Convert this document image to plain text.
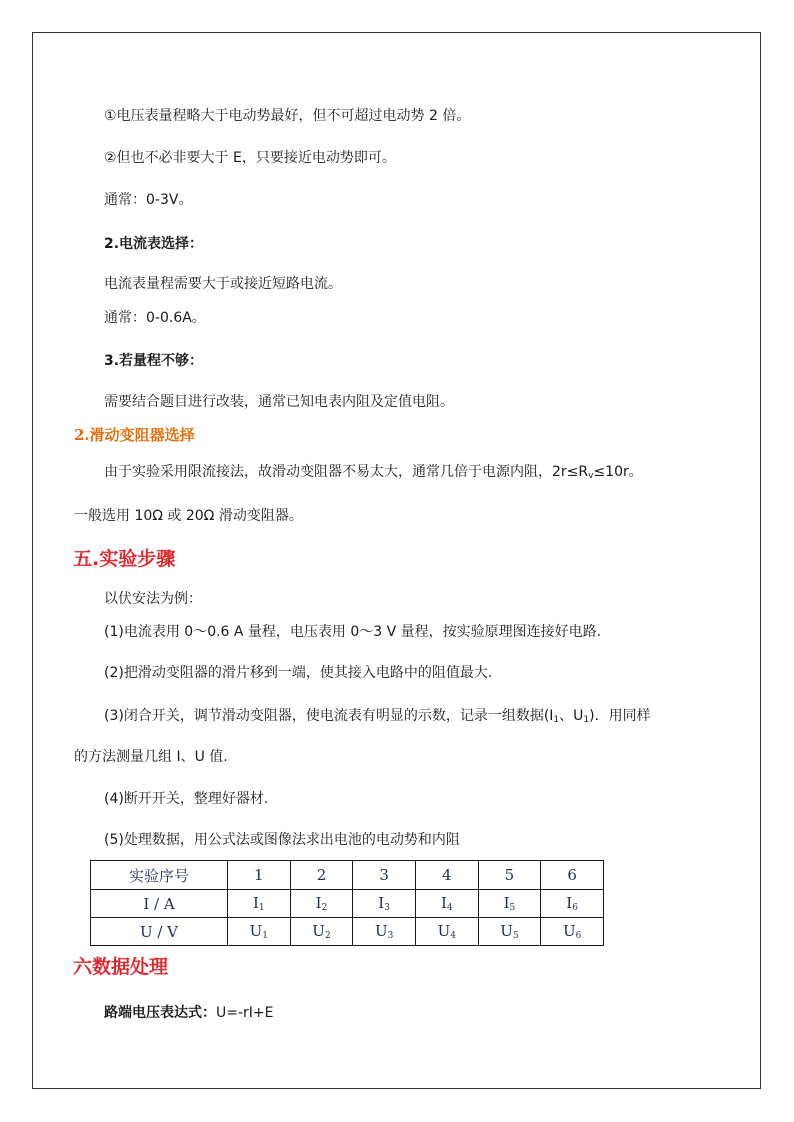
①电压表量程略大于电动势最好，但不可超过电动势 2 倍。
②但也不必非要大于 E，只要接近电动势即可。
通常：0-3V。
2.电流表选择：
电流表量程需要大于或接近短路电流。
通常：0-0.6A。
3.若量程不够：
需要结合题目进行改装，通常已知电表内阻及定值电阻。
2.滑动变阻器选择
由于实验采用限流接法，故滑动变阻器不易太大，通常几倍于电源内阻，$2r\le R_v\le 10r$。
一般选用 10Ω 或 20Ω 滑动变阻器。
五.实验步骤
以伏安法为例：
(1)电流表用 0～0.6 A 量程，电压表用 0～3 V 量程，按实验原理图连接好电路.
(2)把滑动变阻器的滑片移到一端，使其接入电路中的阻值最大.
(3)闭合开关，调节滑动变阻器，使电流表有明显的示数，记录一组数据($I_1$、$U_1$)．用同样
的方法测量几组 I、U 值.
(4)断开开关，整理好器材.
(5)处理数据，用公式法或图像法求出电池的电动势和内阻
实验序号	1	2	3	4	5	6
I / A	$I_1$	$I_2$	$I_3$	$I_4$	$I_5$	$I_6$
U / V	$U_1$	$U_2$	$U_3$	$U_4$	$U_5$	$U_6$
六数据处理
路端电压表达式：U=-rI+E
